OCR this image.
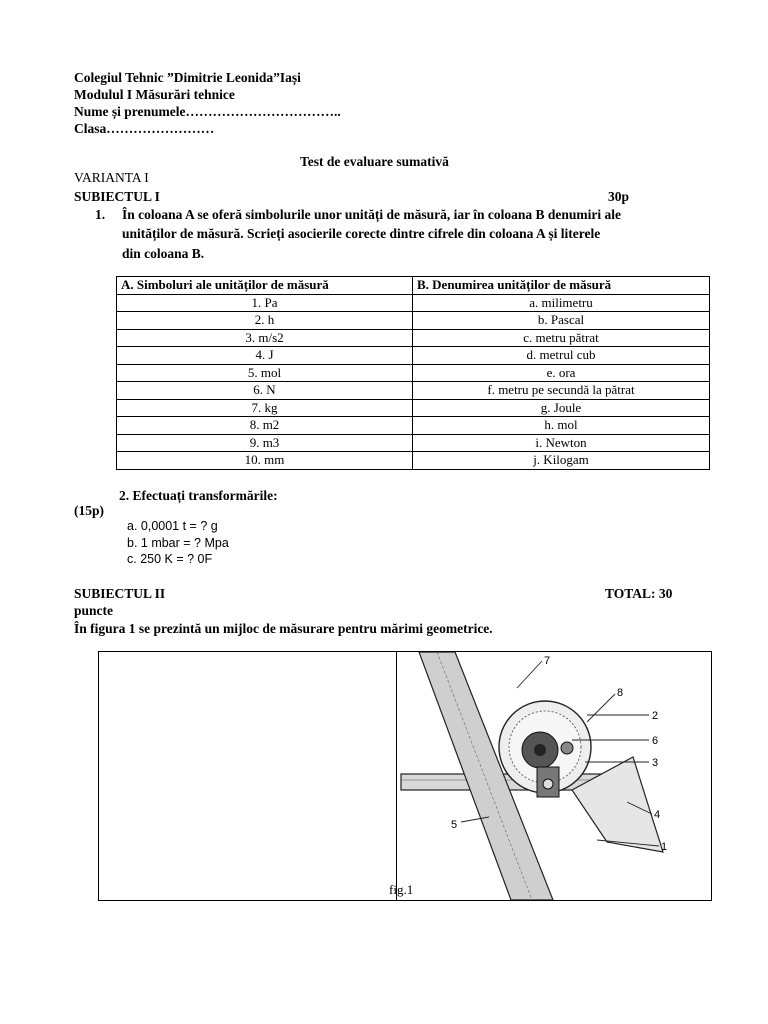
Colegiul Tehnic ”Dimitrie Leonida”Iași
Modulul I Măsurări tehnice
Nume și prenumele……………………………..
Clasa……………………
Test de evaluare sumativă
VARIANTA I
SUBIECTUL I	30p
1. În coloana A se oferă simbolurile unor unități de măsură, iar în coloana B denumiri ale
unităților de măsură. Scrieți asocierile corecte dintre cifrele din coloana A și literele
din coloana B.
A. Simboluri ale unităților de măsură	B. Denumirea unităților de măsură
1. Pa	a. milimetru
2. h	b. Pascal
3. m/s2	c. metru pătrat
4. J	d. metrul cub
5. mol	e. ora
6. N	f. metru pe secundă la pătrat
7. kg	g. Joule
8. m2	h. mol
9. m3	i. Newton
10. mm	j. Kilogam
2. Efectuați transformările:
(15p)
a. 0,0001 t = ? g
b. 1 mbar = ? Mpa
c. 250 K = ? 0F
SUBIECTUL II	TOTAL: 30
puncte
În figura 1 se prezintă un mijloc de măsurare pentru mărimi geometrice.
7
8
2
6
3
5
4
1
fig.1
